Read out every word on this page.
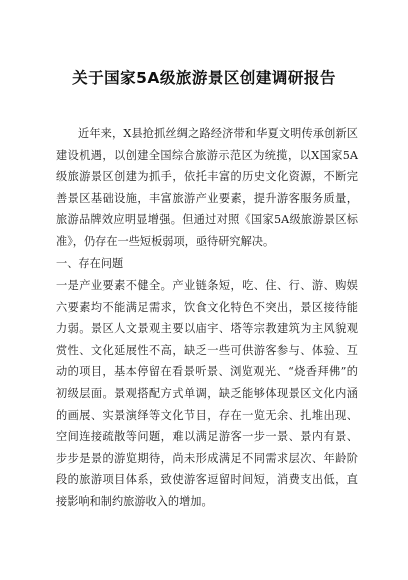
关于国家5A级旅游景区创建调研报告
近年来，X县抢抓丝绸之路经济带和华夏文明传承创新区建设机遇，以创建全国综合旅游示范区为统揽，以X国家5A级旅游景区创建为抓手，依托丰富的历史文化资源，不断完善景区基础设施，丰富旅游产业要素，提升游客服务质量，旅游品牌效应明显增强。但通过对照《国家5A级旅游景区标准》，仍存在一些短板弱项，亟待研究解决。
一、存在问题
一是产业要素不健全。产业链条短，吃、住、行、游、购娱六要素均不能满足需求，饮食文化特色不突出，景区接待能力弱。景区人文景观主要以庙宇、塔等宗教建筑为主风貌观赏性、文化延展性不高，缺乏一些可供游客参与、体验、互动的项目，基本停留在看景听景、浏览观光、“烧香拜佛”的初级层面。景观搭配方式单调，缺乏能够体现景区文化内涵的画展、实景演绎等文化节目，存在一览无余、扎堆出现、空间连接疏散等问题，难以满足游客一步一景、景内有景、步步是景的游览期待，尚未形成满足不同需求层次、年龄阶段的旅游项目体系，致使游客逗留时间短，消费支出低，直接影响和制约旅游收入的增加。
